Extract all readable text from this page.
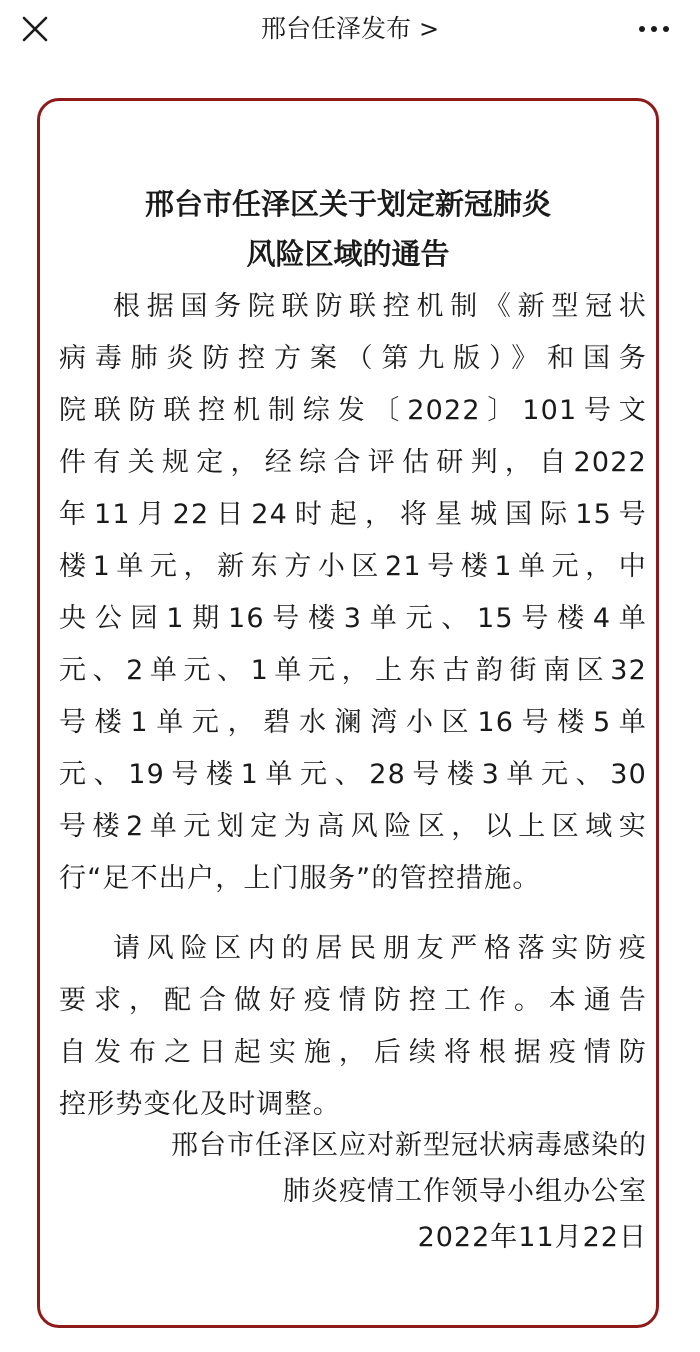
邢台任泽发布 >
邢台市任泽区关于划定新冠肺炎
风险区域的通告
根据国务院联防联控机制《新型冠状
病毒肺炎防控方案（第九版）》和国务
院联防联控机制综发〔2022〕101号文
件有关规定，经综合评估研判，自2022
年11月22日24时起，将星城国际15号
楼1单元，新东方小区21号楼1单元，中
央公园1期16号楼3单元、15号楼4单
元、2单元、1单元，上东古韵街南区32
号楼1单元，碧水澜湾小区16号楼5单
元、19号楼1单元、28号楼3单元、30
号楼2单元划定为高风险区，以上区域实
行“足不出户，上门服务”的管控措施。
请风险区内的居民朋友严格落实防疫
要求，配合做好疫情防控工作。本通告
自发布之日起实施，后续将根据疫情防
控形势变化及时调整。
邢台市任泽区应对新型冠状病毒感染的
肺炎疫情工作领导小组办公室
2022年11月22日
